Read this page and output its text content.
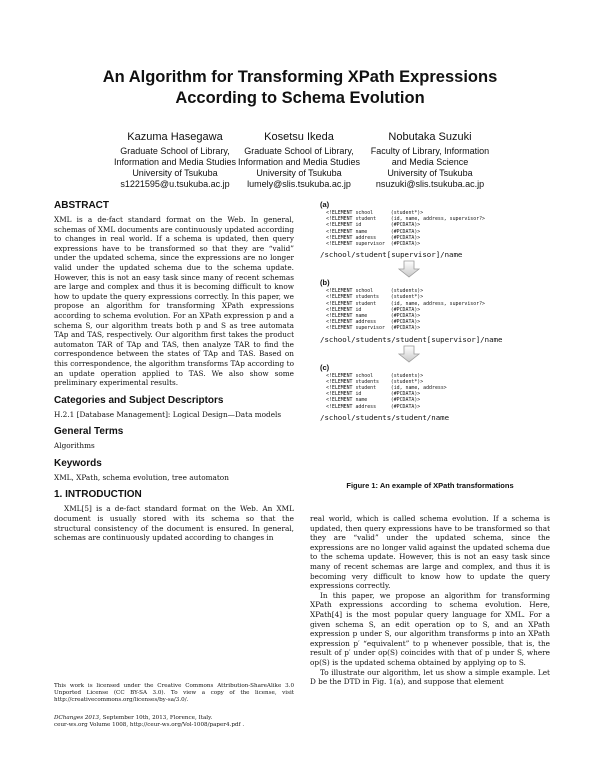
An Algorithm for Transforming XPath Expressions
According to Schema Evolution
Kazuma Hasegawa
Graduate School of Library,
Information and Media Studies
University of Tsukuba
s1221595@u.tsukuba.ac.jp
Kosetsu Ikeda
Graduate School of Library,
Information and Media Studies
University of Tsukuba
lumely@slis.tsukuba.ac.jp
Nobutaka Suzuki
Faculty of Library, Information
and Media Science
University of Tsukuba
nsuzuki@slis.tsukuba.ac.jp
ABSTRACT

XML is a de-fact standard format on the Web. In general, schemas of XML documents are continuously updated according to changes in real world. If a schema is updated, then query expressions have to be transformed so that they are “valid” under the updated schema, since the expressions are no longer valid under the updated schema due to the schema update. However, this is not an easy task since many of recent schemas are large and complex and thus it is becoming difficult to know how to update the query expressions correctly. In this paper, we propose an algorithm for transforming XPath expressions according to schema evolution. For an XPath expression p and a schema S, our algorithm treats both p and S as tree automata TAp and TAS, respectively. Our algorithm first takes the product automaton TAR of TAp and TAS, then analyze TAR to find the correspondence between the states of TAp and TAS. Based on this correspondence, the algorithm transforms TAp according to an update operation applied to TAS. We also show some preliminary experimental results.

Categories and Subject Descriptors

H.2.1 [Database Management]: Logical Design—Data models

General Terms

Algorithms

Keywords

XML, XPath, schema evolution, tree automaton

1. INTRODUCTION

XML[5] is a de-fact standard format on the Web. An XML document is usually stored with its schema so that the structural consistency of the document is ensured. In general, schemas are continuously updated according to changes in

This work is licensed under the Creative Commons Attribution-ShareAlike 3.0 Unported License (CC BY-SA 3.0). To view a copy of the license, visit http://creativecommons.org/licenses/by-sa/3.0/.

DChanges 2013, September 10th, 2013, Florence, Italy.
ceur-ws.org Volume 1008, http://ceur-ws.org/Vol-1008/paper4.pdf .
(a)
<!ELEMENT school      (student*)>
<!ELEMENT student     (id, name, address, supervisor?>
<!ELEMENT id          (#PCDATA)>
<!ELEMENT name        (#PCDATA)>
<!ELEMENT address     (#PCDATA)>
<!ELEMENT supervisor  (#PCDATA)>
/school/student[supervisor]/name
(b)
<!ELEMENT school      (students)>
<!ELEMENT students    (student*)>
<!ELEMENT student     (id, name, address, supervisor?>
<!ELEMENT id          (#PCDATA)>
<!ELEMENT name        (#PCDATA)>
<!ELEMENT address     (#PCDATA)>
<!ELEMENT supervisor  (#PCDATA)>
/school/students/student[supervisor]/name
(c)
<!ELEMENT school      (students)>
<!ELEMENT students    (student*)>
<!ELEMENT student     (id, name, address>
<!ELEMENT id          (#PCDATA)>
<!ELEMENT name        (#PCDATA)>
<!ELEMENT address     (#PCDATA)>
/school/students/student/name
Figure 1: An example of XPath transformations

real world, which is called schema evolution. If a schema is updated, then query expressions have to be transformed so that they are “valid” under the updated schema, since the expressions are no longer valid against the updated schema due to the schema update. However, this is not an easy task since many of recent schemas are large and complex, and thus it is becoming very difficult to know how to update the query expressions correctly.

In this paper, we propose an algorithm for transforming XPath expressions according to schema evolution. Here, XPath[4] is the most popular query language for XML. For a given schema S, an edit operation op to S, and an XPath expression p under S, our algorithm transforms p into an XPath expression p′ “equivalent” to p whenever possible, that is, the result of p′ under op(S) coincides with that of p under S, where op(S) is the updated schema obtained by applying op to S.

To illustrate our algorithm, let us show a simple example. Let D be the DTD in Fig. 1(a), and suppose that element
